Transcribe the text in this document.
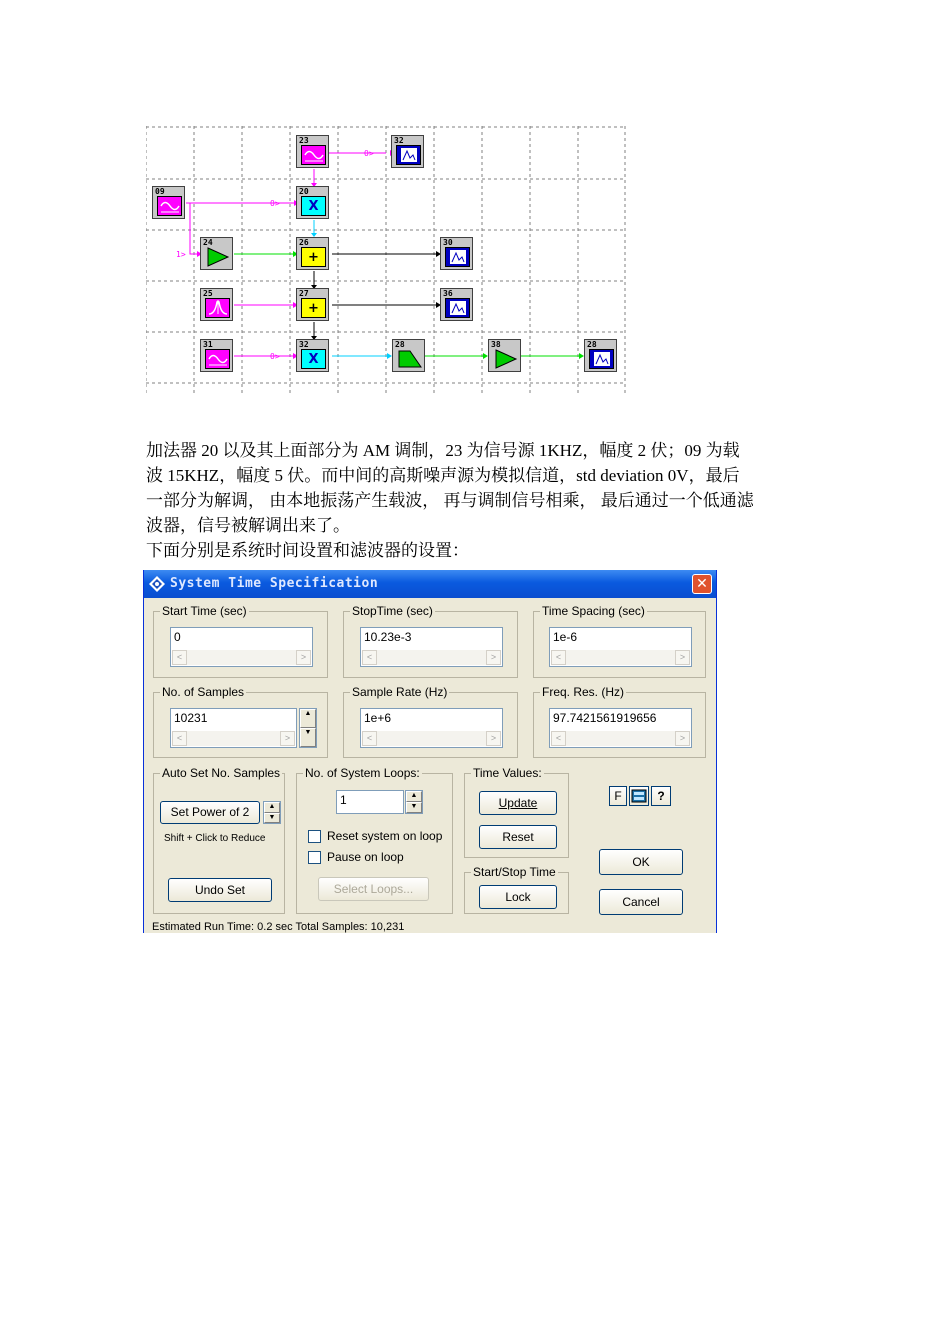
0>
0>
1>
0>
23	32
09	20
X
24	26
+
30
25	27
+
36
31	32
X
28	38	28
加法器 20 以及其上面部分为 AM 调制，23 为信号源 1KHZ，幅度 2 伏；09 为载
波 15KHZ，幅度 5 伏。而中间的高斯噪声源为模拟信道，std deviation 0V，最后
一部分为解调， 由本地振荡产生载波， 再与调制信号相乘， 最后通过一个低通滤
波器，信号被解调出来了。
下面分别是系统时间设置和滤波器的设置：
System Time Specification	✕
Start Time (sec)
0
<	>
StopTime (sec)
10.23e-3
<	>
Time Spacing (sec)
1e-6
<	>
No. of Samples
10231
<	>
▲
▼
Sample Rate (Hz)
1e+6
<	>
Freq. Res. (Hz)
97.7421561919656
<	>
Auto Set No. Samples
Set Power of 2	▲
▼
Shift + Click to Reduce
Undo Set
No. of System Loops:
1	▲
▼
Reset system on loop
Pause on loop
Select Loops...
Time Values:
Update
Reset
Start/Stop Time
Lock
F	?
OK
Cancel
Estimated Run Time: 0.2 sec Total Samples: 10,231
